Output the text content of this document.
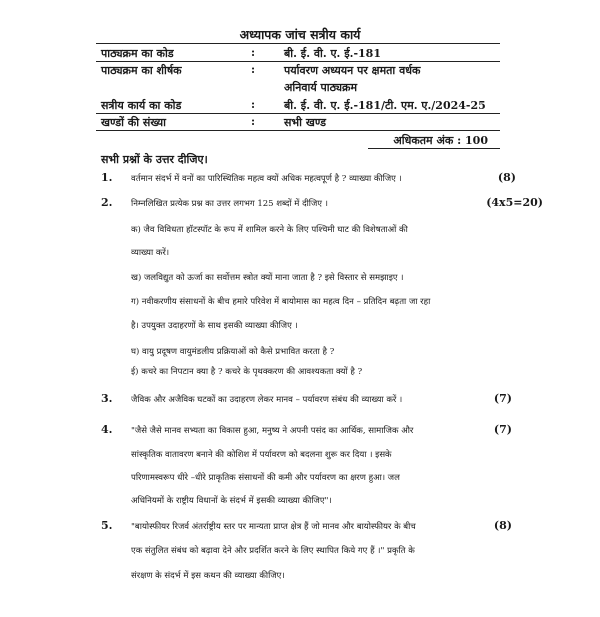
अध्यापक जांच सत्रीय कार्य
पाठ्यक्रम का कोड	:	बी. ई. वी. ए. ई.-181
पाठ्यक्रम का शीर्षक	:	पर्यावरण अध्ययन पर क्षमता वर्धक
अनिवार्य पाठ्यक्रम
सत्रीय कार्य का कोड	:	बी. ई. वी. ए. ई.-181/टी. एम. ए./2024-25
खण्डों की संख्या	:	सभी खण्ड
अधिकतम अंक : 100
सभी प्रश्नों के उत्तर दीजिए।
1. वर्तमान संदर्भ में वनों का पारिस्थितिक महत्व क्यों अधिक महत्वपूर्ण है ? व्याख्या कीजिए ।	(8)
2. निम्नलिखित प्रत्येक प्रश्न का उत्तर लगभग 125 शब्दों में दीजिए ।	(4x5=20)
क) जैव विविधता हॉटस्पॉट के रूप में शामिल करने के लिए पश्चिमी घाट की विशेषताओं की
व्याख्या करें।
ख) जलविद्युत को ऊर्जा का सर्वोत्तम स्त्रोत क्यों माना जाता है ? इसे विस्तार से समझाइए ।
ग) नवीकरणीय संसाधनों के बीच हमारे परिवेश में बायोमास का महत्व दिन – प्रतिदिन बढ़ता जा रहा
है। उपयुक्त उदाहरणों के साथ इसकी व्याख्या कीजिए ।
घ) वायु प्रदूषण वायुमंडलीय प्रक्रियाओं को कैसे प्रभावित करता है ?
ई) कचरे का निपटान क्या है ? कचरे के पृथक्करण की आवश्यकता क्यों है ?
3. जैविक और अजैविक घटकों का उदाहरण लेकर मानव – पर्यावरण संबंध की व्याख्या करें ।	(7)
4. "जैसे जैसे मानव सभ्यता का विकास हुआ, मनुष्य ने अपनी पसंद का आर्थिक, सामाजिक और	(7)
सांस्कृतिक वातावरण बनाने की कोशिश में पर्यावरण को बदलना शुरू कर दिया । इसके
परिणामस्वरूप धीरे –धीरे प्राकृतिक संसाधनों की कमी और पर्यावरण का क्षरण हुआ। जल
अधिनियमों के राष्ट्रीय विधानों के संदर्भ में इसकी व्याख्या कीजिए"।
5. "बायोस्फीयर रिजर्व अंतर्राष्ट्रीय स्तर पर मान्यता प्राप्त क्षेत्र हैं जो मानव और बायोस्फीयर के बीच	(8)
एक संतुलित संबंध को बढ़ावा देने और प्रदर्शित करने के लिए स्थापित किये गए हैं ।" प्रकृति के
संरक्षण के संदर्भ में इस कथन की व्याख्या कीजिए।
